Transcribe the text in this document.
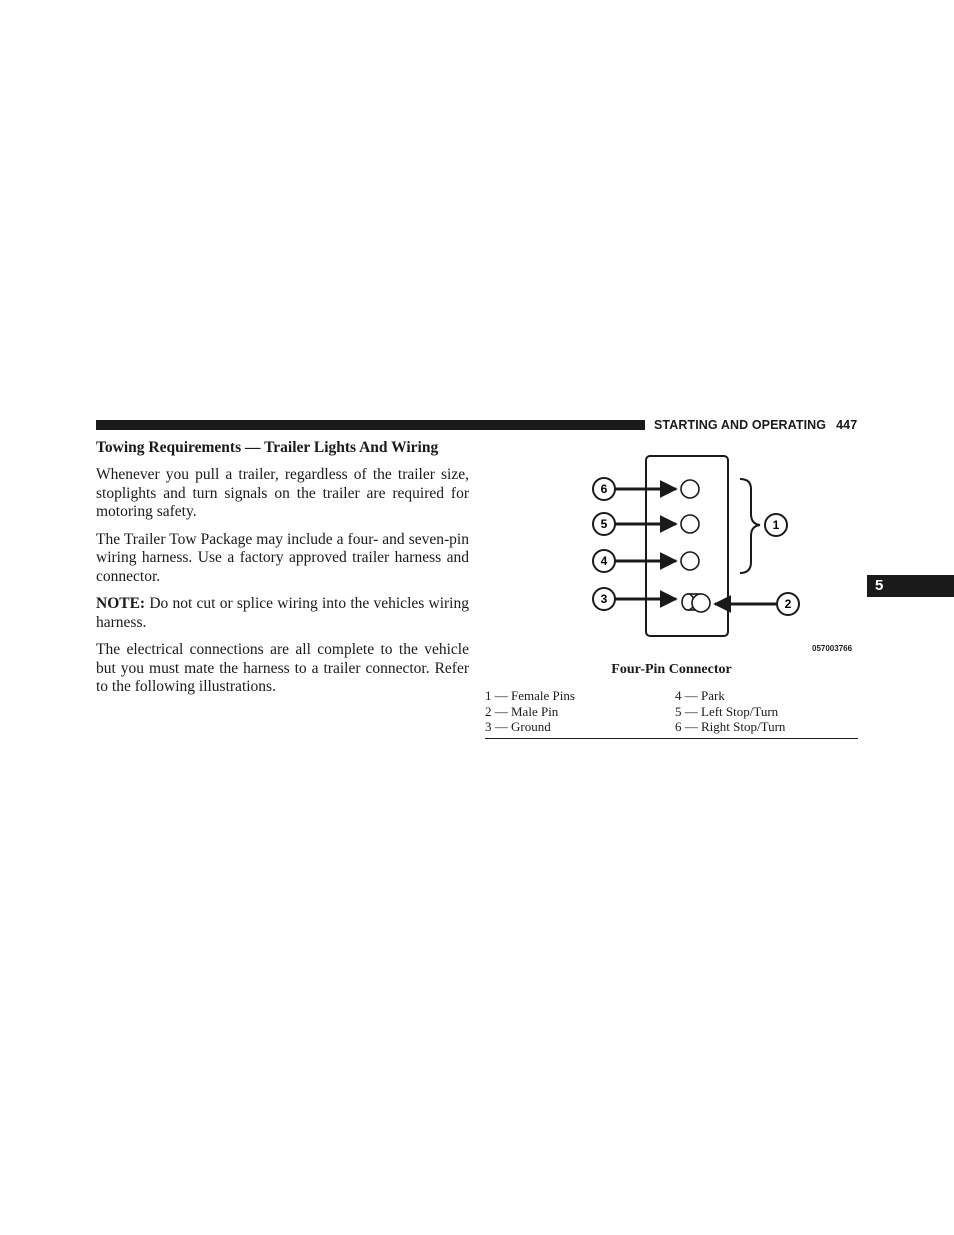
STARTING AND OPERATING 447
5
Towing Requirements — Trailer Lights And Wiring

Whenever you pull a trailer, regardless of the trailer size, stoplights and turn signals on the trailer are required for motoring safety.

The Trailer Tow Package may include a four- and seven-pin wiring harness. Use a factory approved trailer harness and connector.

NOTE: Do not cut or splice wiring into the vehicles wiring harness.

The electrical connections are all complete to the vehicle but you must mate the harness to a trailer connector. Refer to the following illustrations.

6
5
4
3
1
2
057003766
Four-Pin Connector
1 — Female Pins	4 — Park
2 — Male Pin	5 — Left Stop/Turn
3 — Ground	6 — Right Stop/Turn
